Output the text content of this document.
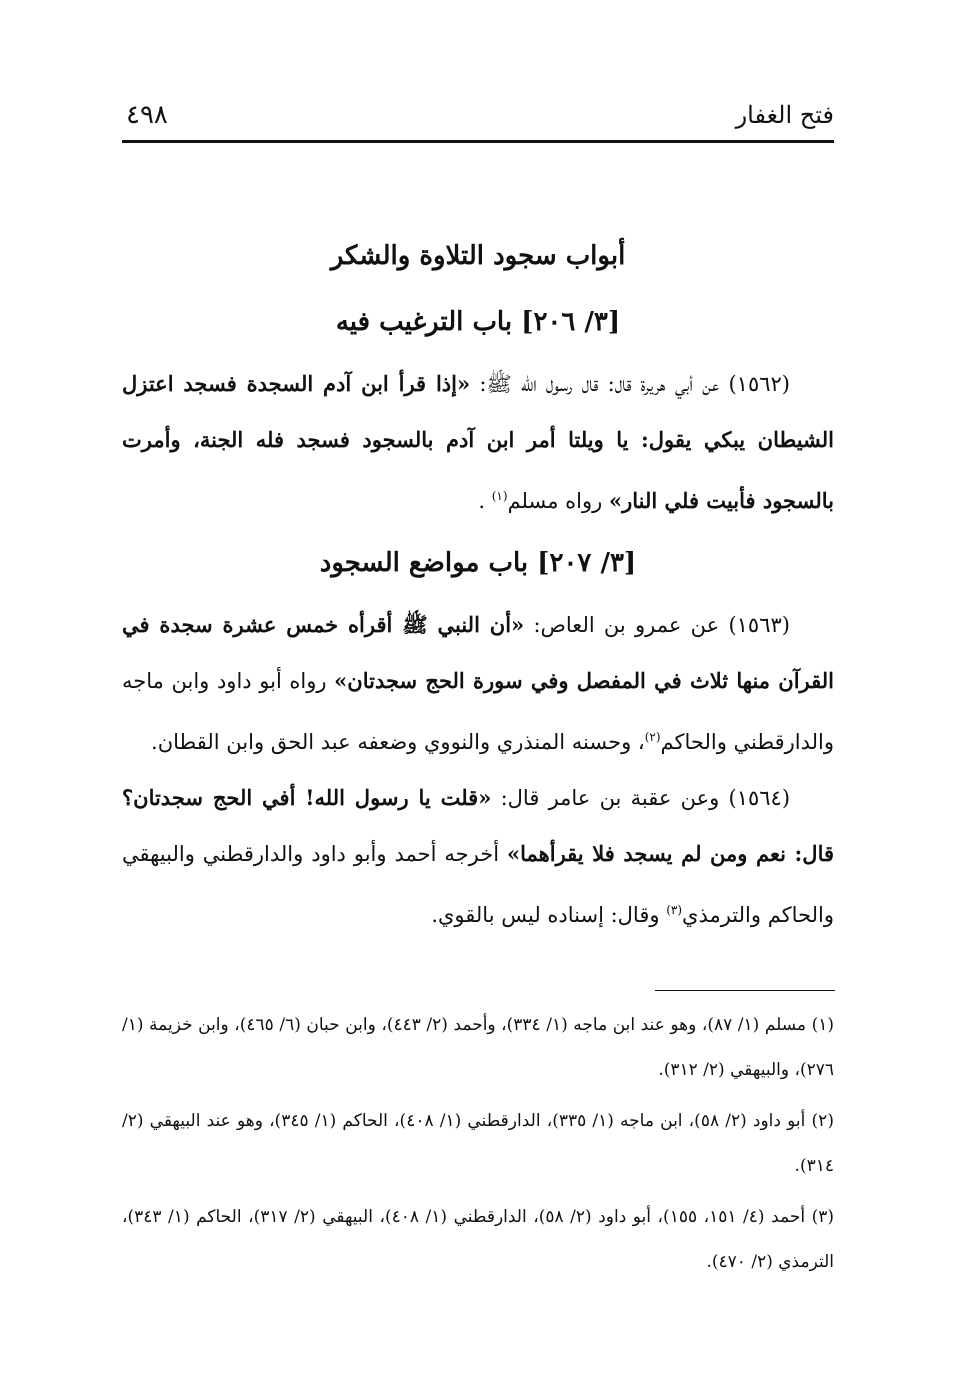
فتح الغفار
٤٩٨
أبواب سجود التلاوة والشكر
[٣/ ٢٠٦] باب الترغيب فيه

(١٥٦٢) عن أبي هريرة قال: قال رسول الله ﷺ: «إذا قرأ ابن آدم السجدة فسجد اعتزل الشيطان يبكي يقول: يا ويلتا أمر ابن آدم بالسجود فسجد فله الجنة، وأمرت بالسجود فأبيت فلي النار» رواه مسلم$^{(١)}$ .

[٣/ ٢٠٧] باب مواضع السجود

(١٥٦٣) عن عمرو بن العاص: «أن النبي ﷺ أقرأه خمس عشرة سجدة في القرآن منها ثلاث في المفصل وفي سورة الحج سجدتان» رواه أبو داود وابن ماجه والدارقطني والحاكم$^{(٢)}$، وحسنه المنذري والنووي وضعفه عبد الحق وابن القطان.

(١٥٦٤) وعن عقبة بن عامر قال: «قلت يا رسول الله! أفي الحج سجدتان؟ قال: نعم ومن لم يسجد فلا يقرأهما» أخرجه أحمد وأبو داود والدارقطني والبيهقي والحاكم والترمذي$^{(٣)}$ وقال: إسناده ليس بالقوي.

(١) مسلم (١/ ٨٧)، وهو عند ابن ماجه (١/ ٣٣٤)، وأحمد (٢/ ٤٤٣)، وابن حبان (٦/ ٤٦٥)، وابن خزيمة (١/ ٢٧٦)، والبيهقي (٢/ ٣١٢).

(٢) أبو داود (٢/ ٥٨)، ابن ماجه (١/ ٣٣٥)، الدارقطني (١/ ٤٠٨)، الحاكم (١/ ٣٤٥)، وهو عند البيهقي (٢/ ٣١٤).

(٣) أحمد (٤/ ١٥١، ١٥٥)، أبو داود (٢/ ٥٨)، الدارقطني (١/ ٤٠٨)، البيهقي (٢/ ٣١٧)، الحاكم (١/ ٣٤٣)، الترمذي (٢/ ٤٧٠).
